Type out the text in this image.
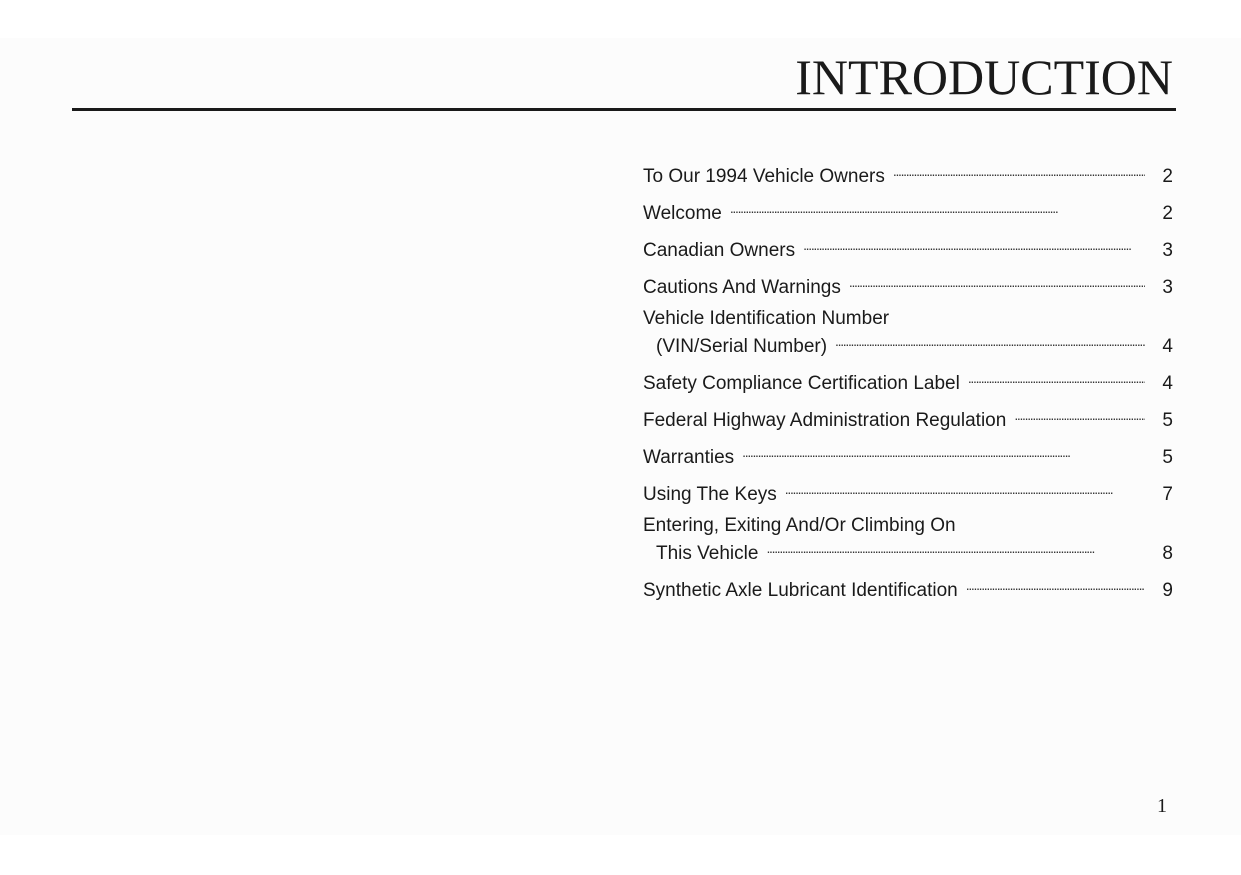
INTRODUCTION
To Our 1994 Vehicle Owners . . .	2
Welcome . . .	2
Canadian Owners . . .	3
Cautions And Warnings . . .	3
Vehicle Identification Number
(VIN/Serial Number) . . .	4
Safety Compliance Certification Label . . .	4
Federal Highway Administration Regulation . . .	5
Warranties . . .	5
Using The Keys . . .	7
Entering, Exiting And/Or Climbing On
This Vehicle . . .	8
Synthetic Axle Lubricant Identification . . .	9
1
